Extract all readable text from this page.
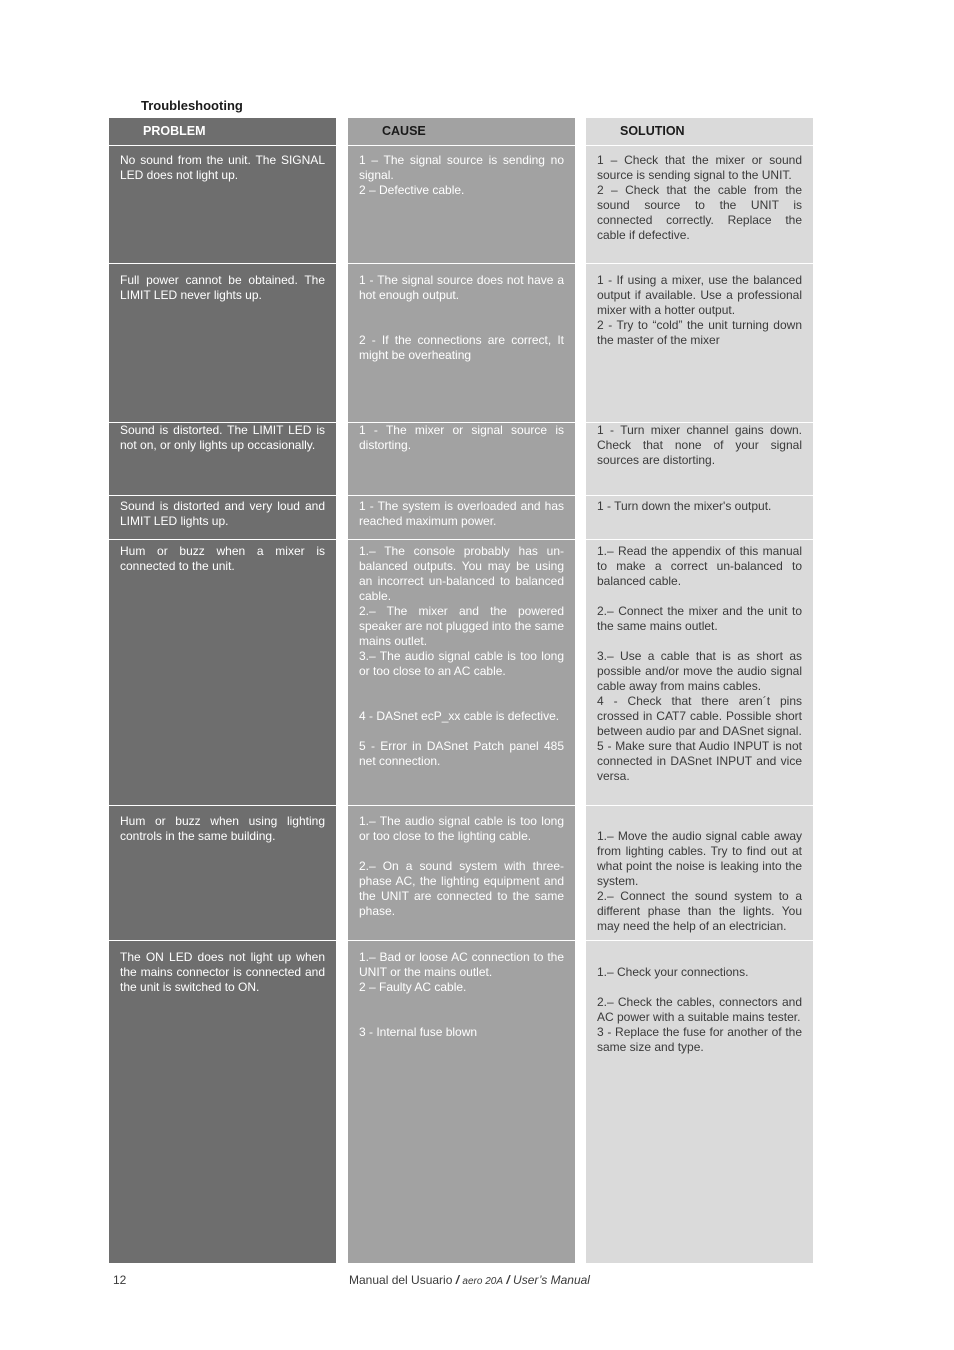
Troubleshooting
PROBLEM
No sound from the unit. The SIGNAL LED does not light up.
Full power cannot be obtained. The LIMIT LED never lights up.
Sound is distorted. The LIMIT LED is not on, or only lights up occasionally.
Sound is distorted and very loud and LIMIT LED lights up.
Hum or buzz when a mixer is connected to the unit.
Hum or buzz when using lighting controls in the same building.
The ON LED does not light up when the mains connector is connected and the unit is switched to ON.
CAUSE
1 – The signal source is sending no signal.
2 – Defective cable.
1 - The signal source does not have a hot enough output.

2 - If the connections are correct, It might be overheating
1 - The mixer or signal source is distorting.
1 - The system is overloaded and has reached maximum power.
1.– The console probably has un-balanced outputs. You may be using an incorrect un-balanced to balanced cable.
2.– The mixer and the powered speaker are not plugged into the same mains outlet.
3.– The audio signal cable is too long or too close to an AC cable.

4 - DASnet ecP_xx cable is defective.

5 - Error in DASnet Patch panel 485 net connection.
1.– The audio signal cable is too long or too close to the lighting cable.

2.– On a sound system with three-phase AC, the lighting equipment and the UNIT are connected to the same phase.
1.– Bad or loose AC connection to the UNIT or the mains outlet.
2 – Faulty AC cable.

3 - Internal fuse blown
SOLUTION
1 – Check that the mixer or sound source is sending signal to the UNIT.
2 – Check that the cable from the sound source to the UNIT is connected correctly. Replace the cable if defective.
1 - If using a mixer, use the balanced output if available. Use a professional mixer with a hotter output.
2 - Try to “cold” the unit turning down the master of the mixer
1 - Turn mixer channel gains down. Check that none of your signal sources are distorting.
1 - Turn down the mixer's output.
1.– Read the appendix of this manual to make a correct un-balanced to balanced cable.

2.– Connect the mixer and the unit to the same mains outlet.

3.– Use a cable that is as short as possible and/or move the audio signal cable away from mains cables.
4 - Check that there aren´t pins crossed in CAT7 cable. Possible short between audio par and DASnet signal.
5 - Make sure that Audio INPUT is not connected in DASnet INPUT and vice versa.
1.– Move the audio signal cable away from lighting cables. Try to find out at what point the noise is leaking into the system.
2.– Connect the sound system to a different phase than the lights. You may need the help of an electrician.
1.– Check your connections.

2.– Check the cables, connectors and AC power with a suitable mains tester.
3 - Replace the fuse for another of the same size and type.
12	Manual del Usuario / aero 20A / User’s Manual
